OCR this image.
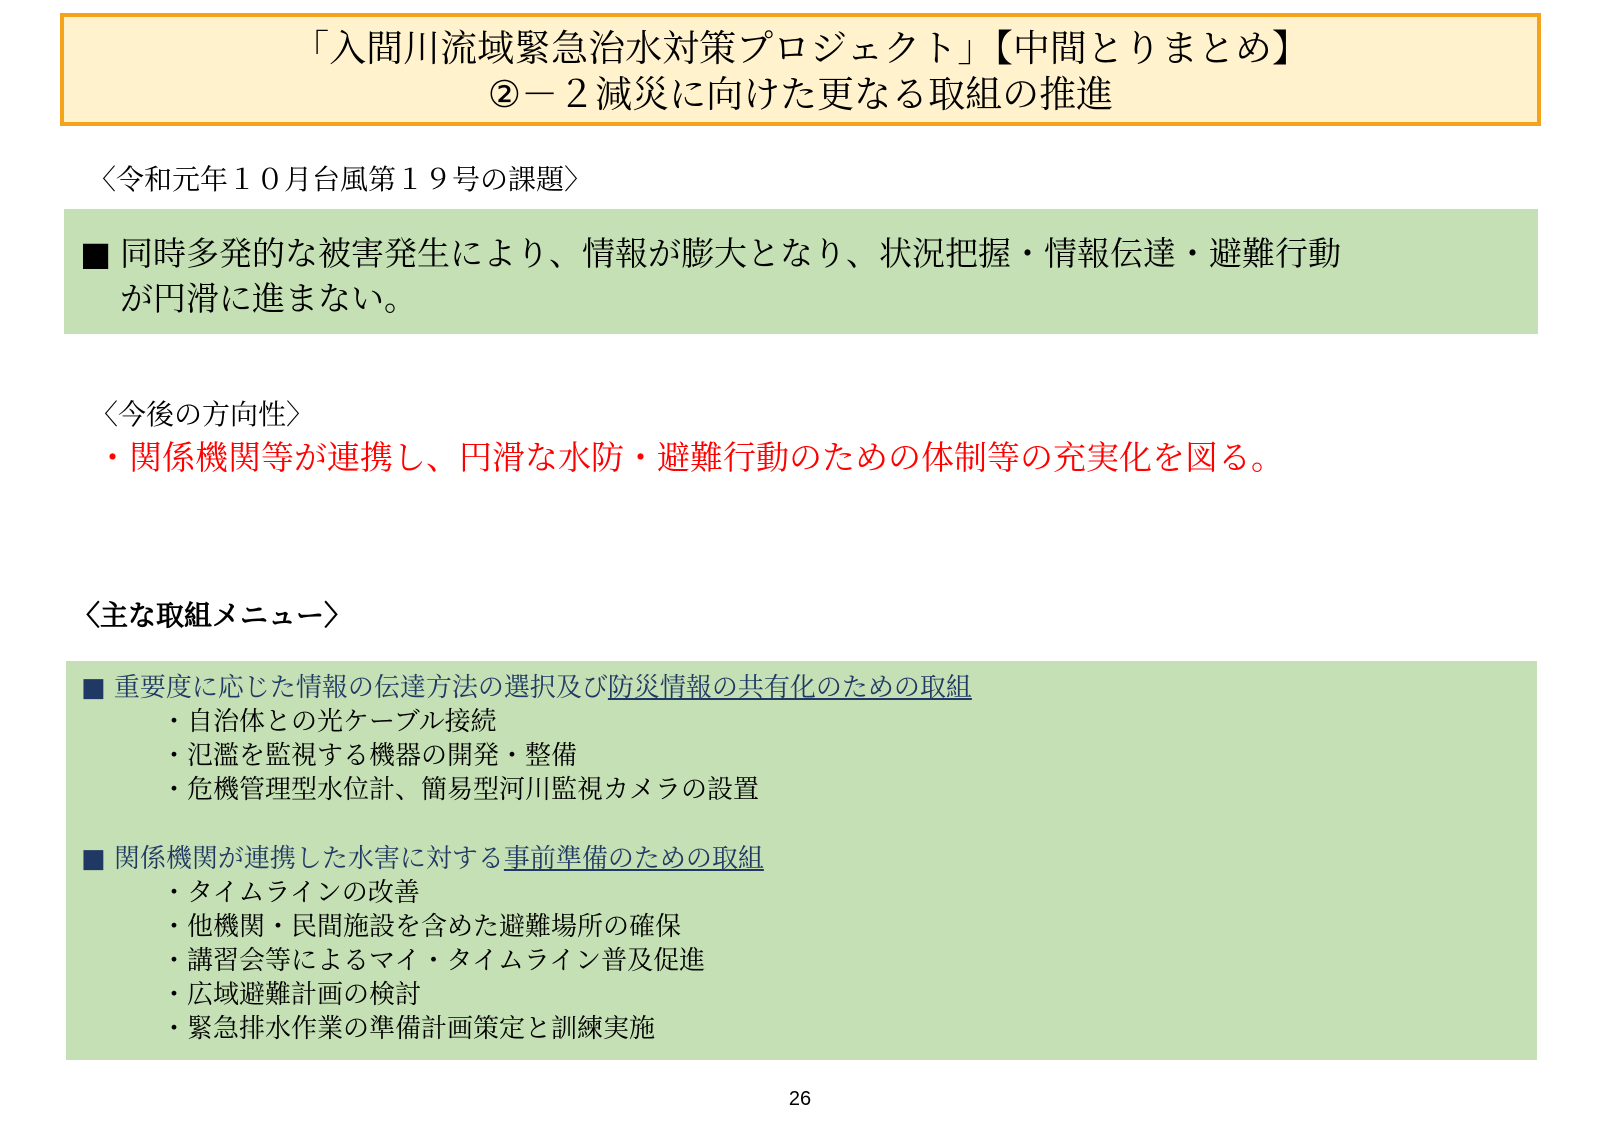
「入間川流域緊急治水対策プロジェクト」【中間とりまとめ】
②－２減災に向けた更なる取組の推進
〈令和元年１０月台風第１９号の課題〉
■ 同時多発的な被害発生により、情報が膨大となり、状況把握・情報伝達・避難行動
が円滑に進まない。
〈今後の方向性〉
・関係機関等が連携し、円滑な水防・避難行動のための体制等の充実化を図る。
〈主な取組メニュー〉
■ 重要度に応じた情報の伝達方法の選択及び防災情報の共有化のための取組
・自治体との光ケーブル接続
・氾濫を監視する機器の開発・整備
・危機管理型水位計、簡易型河川監視カメラの設置
■ 関係機関が連携した水害に対する事前準備のための取組
・タイムラインの改善
・他機関・民間施設を含めた避難場所の確保
・講習会等によるマイ・タイムライン普及促進
・広域避難計画の検討
・緊急排水作業の準備計画策定と訓練実施
26
